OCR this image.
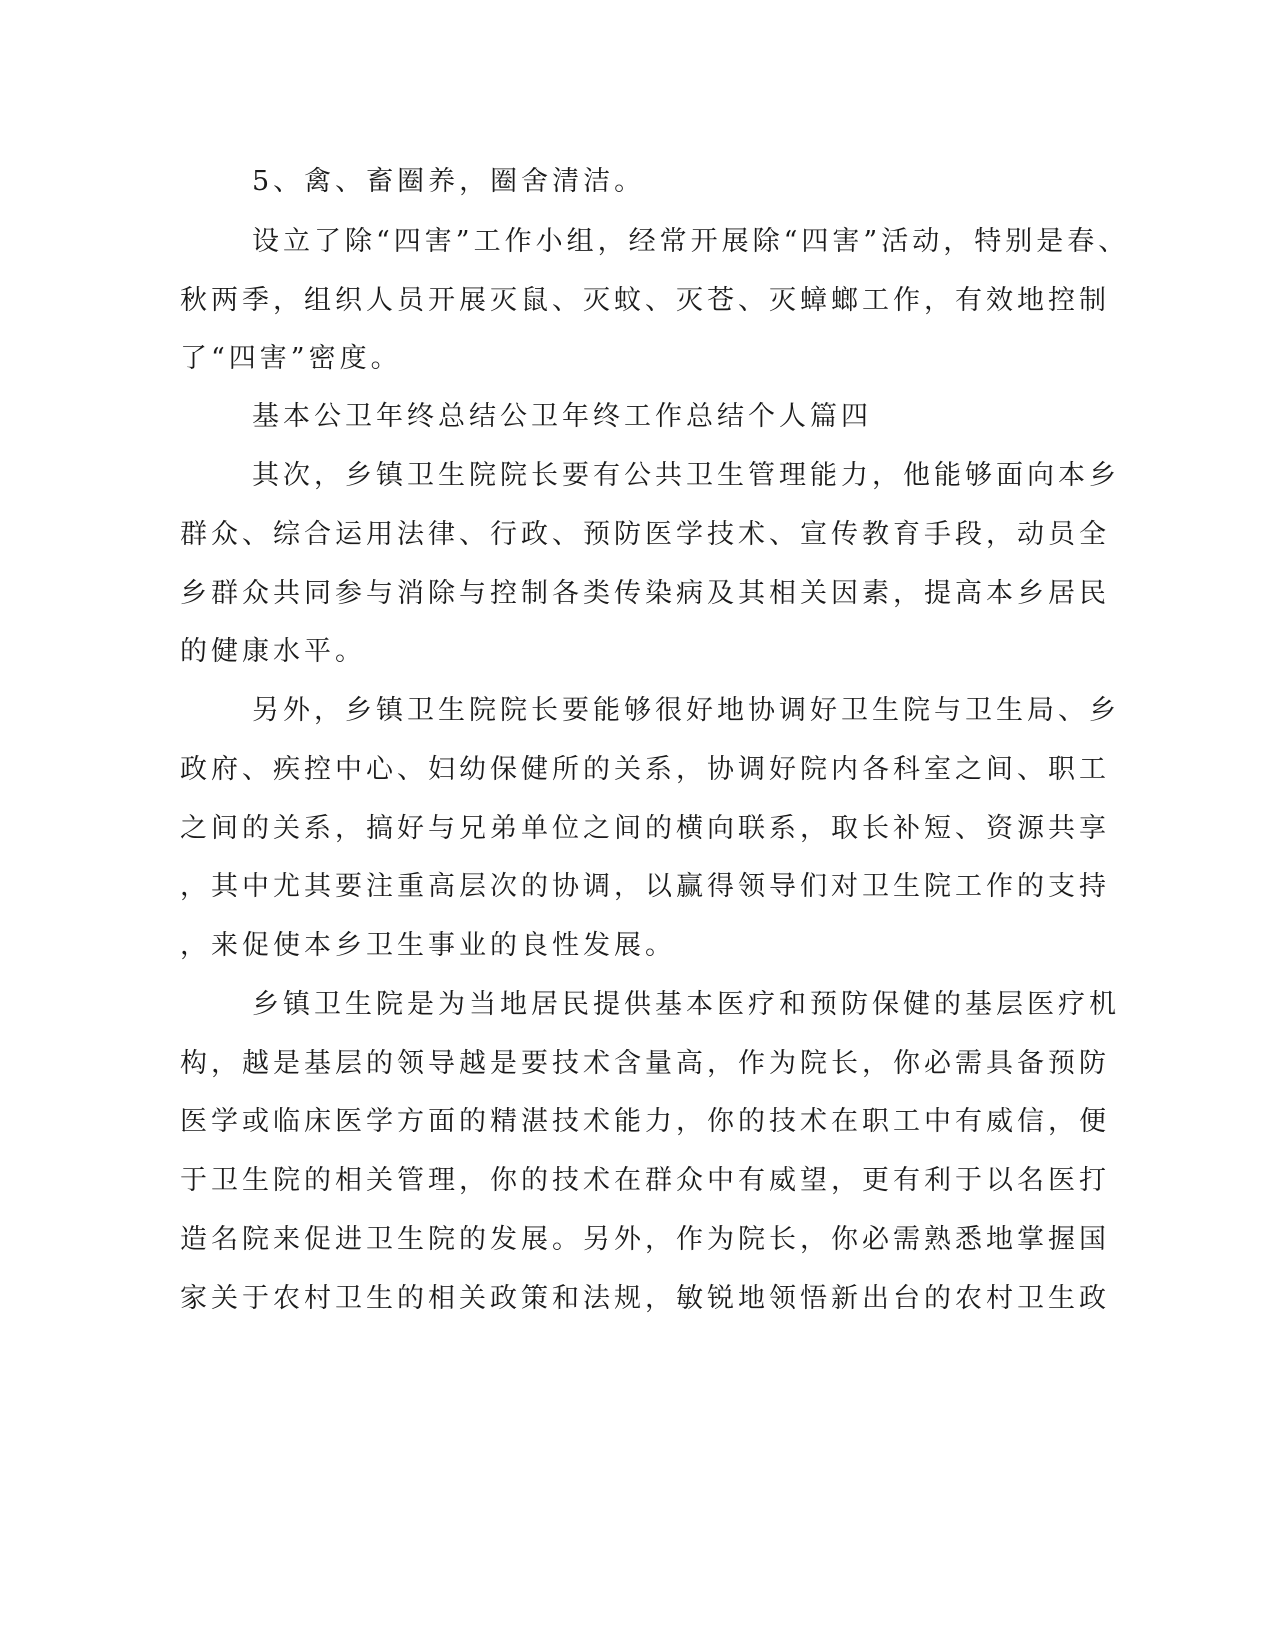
5、禽、畜圈养，圈舍清洁。
设立了除“四害”工作小组，经常开展除“四害”活动，特别是春、
秋两季，组织人员开展灭鼠、灭蚊、灭苍、灭蟑螂工作，有效地控制
了“四害”密度。
基本公卫年终总结公卫年终工作总结个人篇四
其次，乡镇卫生院院长要有公共卫生管理能力，他能够面向本乡
群众、综合运用法律、行政、预防医学技术、宣传教育手段，动员全
乡群众共同参与消除与控制各类传染病及其相关因素，提高本乡居民
的健康水平。
另外，乡镇卫生院院长要能够很好地协调好卫生院与卫生局、乡
政府、疾控中心、妇幼保健所的关系，协调好院内各科室之间、职工
之间的关系，搞好与兄弟单位之间的横向联系，取长补短、资源共享
，其中尤其要注重高层次的协调，以赢得领导们对卫生院工作的支持
，来促使本乡卫生事业的良性发展。
乡镇卫生院是为当地居民提供基本医疗和预防保健的基层医疗机
构，越是基层的领导越是要技术含量高，作为院长，你必需具备预防
医学或临床医学方面的精湛技术能力，你的技术在职工中有威信，便
于卫生院的相关管理，你的技术在群众中有威望，更有利于以名医打
造名院来促进卫生院的发展。另外，作为院长，你必需熟悉地掌握国
家关于农村卫生的相关政策和法规，敏锐地领悟新出台的农村卫生政
